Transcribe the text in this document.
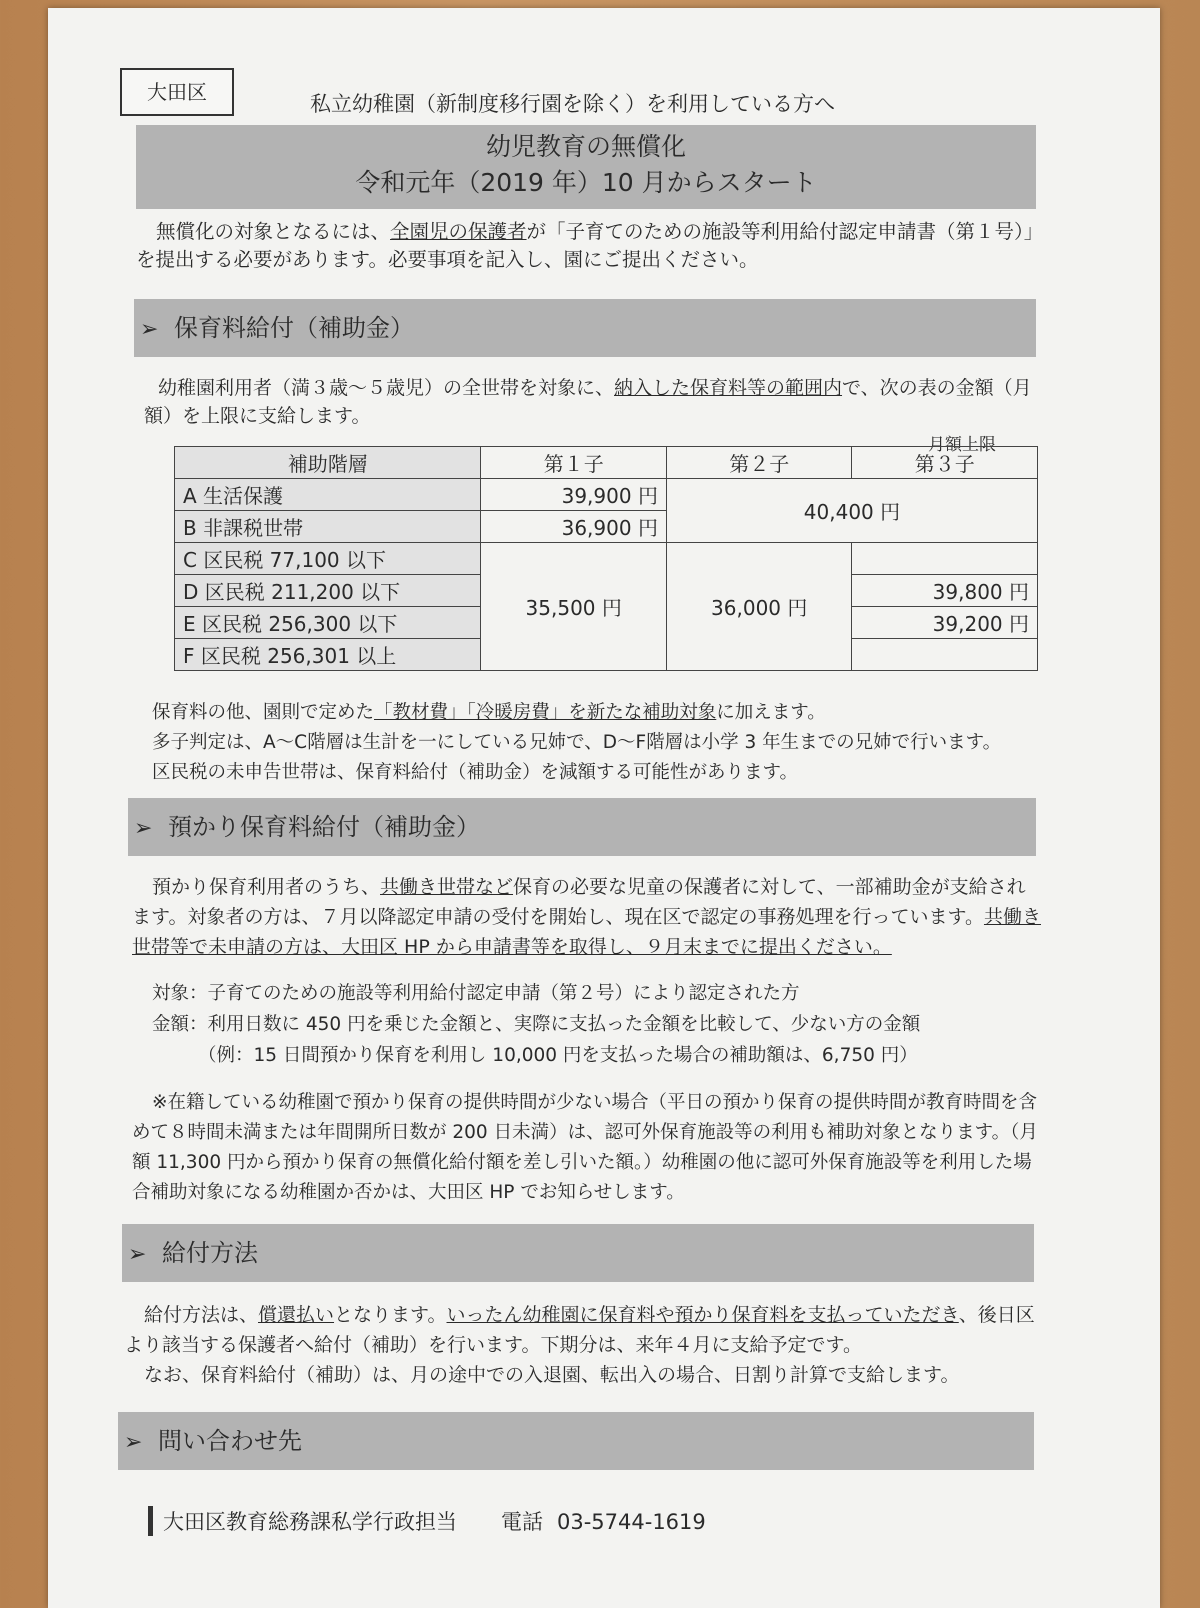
大田区	私立幼稚園（新制度移行園を除く）を利用している方へ
幼児教育の無償化
令和元年（2019 年）10 月からスタート
無償化の対象となるには、全園児の保護者が「子育てのための施設等利用給付認定申請書（第１号）」を提出する必要があります。必要事項を記入し、園にご提出ください。
➢ 保育料給付（補助金）
幼稚園利用者（満３歳〜５歳児）の全世帯を対象に、納入した保育料等の範囲内で、次の表の金額（月額）を上限に支給します。
月額上限
補助階層	第１子	第２子	第３子
A 生活保護	39,900 円	40,400 円	
B 非課税世帯	36,900 円		
C 区民税 77,100 以下	35,500 円	36,000 円	
D 区民税 211,200 以下			39,800 円
E 区民税 256,300 以下			39,200 円
F 区民税 256,301 以上			
保育料の他、園則で定めた「教材費」「冷暖房費」を新たな補助対象に加えます。
多子判定は、A〜C階層は生計を一にしている兄姉で、D〜F階層は小学 3 年生までの兄姉で行います。
区民税の未申告世帯は、保育料給付（補助金）を減額する可能性があります。
➢ 預かり保育料給付（補助金）
預かり保育利用者のうち、共働き世帯など保育の必要な児童の保護者に対して、一部補助金が支給されます。対象者の方は、７月以降認定申請の受付を開始し、現在区で認定の事務処理を行っています。共働き世帯等で未申請の方は、大田区 HP から申請書等を取得し、９月末までに提出ください。
対象：子育てのための施設等利用給付認定申請（第２号）により認定された方
金額：利用日数に 450 円を乗じた金額と、実際に支払った金額を比較して、少ない方の金額
（例：15 日間預かり保育を利用し 10,000 円を支払った場合の補助額は、6,750 円）
※在籍している幼稚園で預かり保育の提供時間が少ない場合（平日の預かり保育の提供時間が教育時間を含めて８時間未満または年間開所日数が 200 日未満）は、認可外保育施設等の利用も補助対象となります。（月額 11,300 円から預かり保育の無償化給付額を差し引いた額。）幼稚園の他に認可外保育施設等を利用した場合補助対象になる幼稚園か否かは、大田区 HP でお知らせします。
➢ 給付方法
給付方法は、償還払いとなります。いったん幼稚園に保育料や預かり保育料を支払っていただき、後日区より該当する保護者へ給付（補助）を行います。下期分は、来年４月に支給予定です。
なお、保育料給付（補助）は、月の途中での入退園、転出入の場合、日割り計算で支給します。
➢ 問い合わせ先
大田区教育総務課私学行政担当 電話 03-5744-1619
